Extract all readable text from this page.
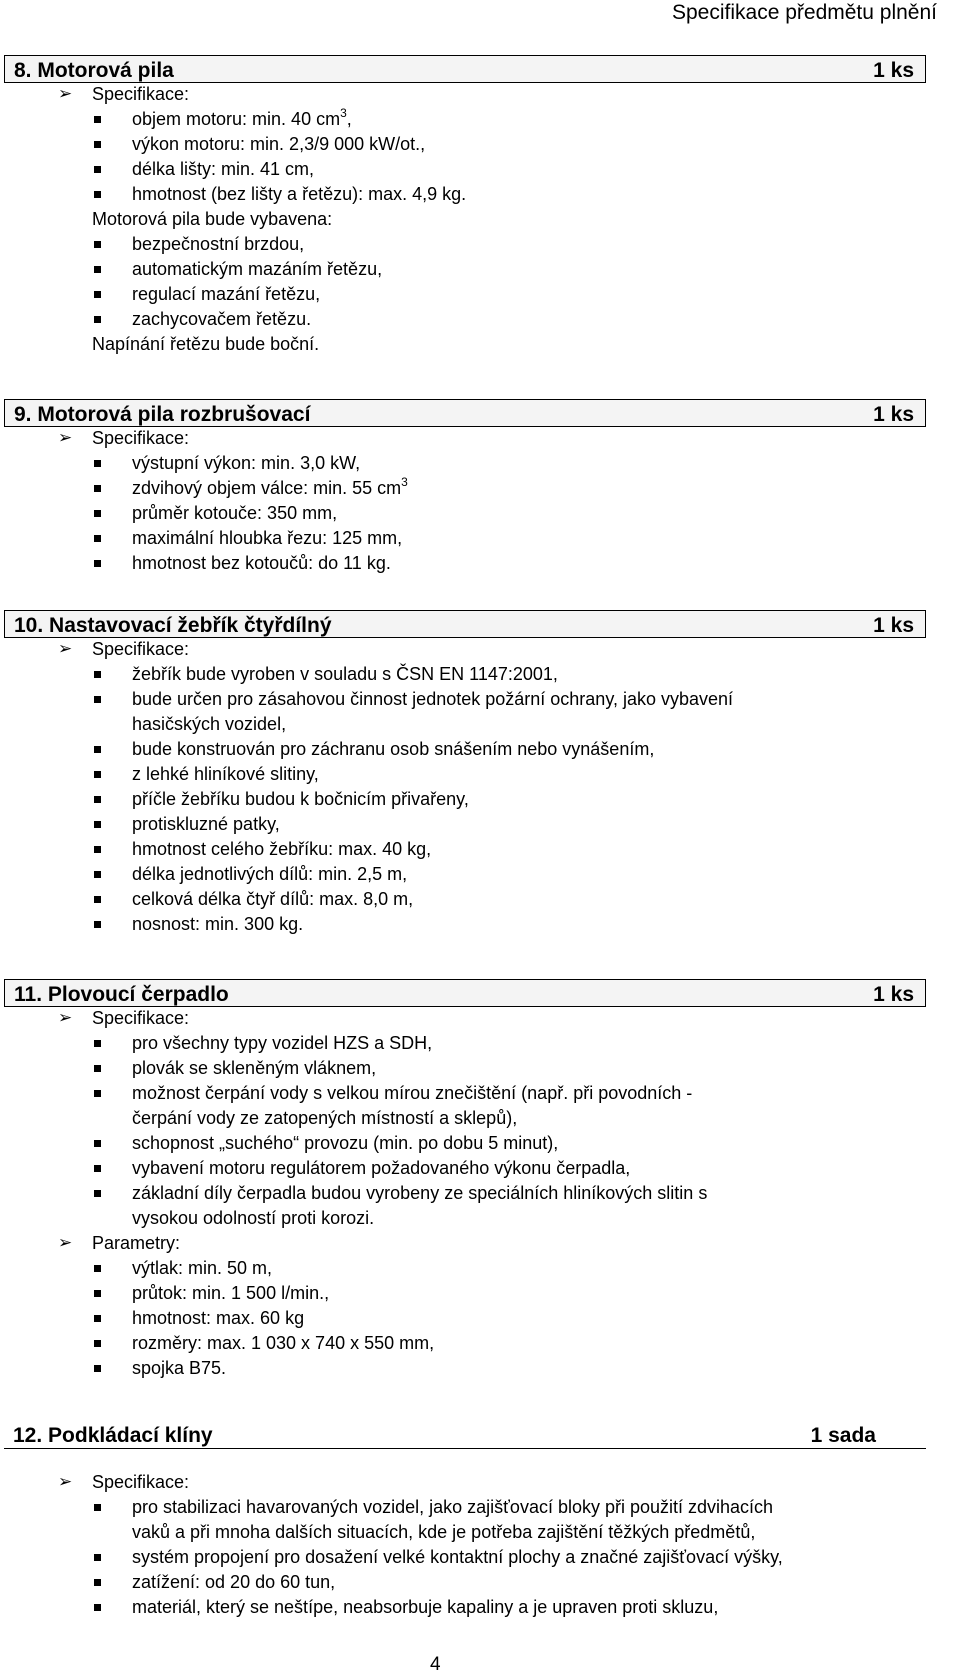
Specifikace předmětu plnění
8. Motorová pila	1 ks
➢ Specifikace:
objem motoru: min. 40 $cm^3$,
výkon motoru: min. 2,3/9 000 kW/ot.,
délka lišty: min. 41 cm,
hmotnost (bez lišty a řetězu): max. 4,9 kg.
Motorová pila bude vybavena:
bezpečnostní brzdou,
automatickým mazáním řetězu,
regulací mazání řetězu,
zachycovačem řetězu.
Napínání řetězu bude boční.
9. Motorová pila rozbrušovací	1 ks
➢ Specifikace:
výstupní výkon: min. 3,0 kW,
zdvihový objem válce: min. 55 $cm^3$
průměr kotouče: 350 mm,
maximální hloubka řezu: 125 mm,
hmotnost bez kotoučů: do 11 kg.
10. Nastavovací žebřík čtyřdílný	1 ks
➢ Specifikace:
žebřík bude vyroben v souladu s ČSN EN 1147:2001,
bude určen pro zásahovou činnost jednotek požární ochrany, jako vybavení
hasičských vozidel,
bude konstruován pro záchranu osob snášením nebo vynášením,
z lehké hliníkové slitiny,
příčle žebříku budou k bočnicím přivařeny,
protiskluzné patky,
hmotnost celého žebříku: max. 40 kg,
délka jednotlivých dílů: min. 2,5 m,
celková délka čtyř dílů: max. 8,0 m,
nosnost: min. 300 kg.
11. Plovoucí čerpadlo	1 ks
➢ Specifikace:
pro všechny typy vozidel HZS a SDH,
plovák se skleněným vláknem,
možnost čerpání vody s velkou mírou znečištění (např. při povodních -
čerpání vody ze zatopených místností a sklepů),
schopnost „suchého“ provozu (min. po dobu 5 minut),
vybavení motoru regulátorem požadovaného výkonu čerpadla,
základní díly čerpadla budou vyrobeny ze speciálních hliníkových slitin s
vysokou odolností proti korozi.
➢ Parametry:
výtlak: min. 50 m,
průtok: min. 1 500 l/min.,
hmotnost: max. 60 kg
rozměry: max. 1 030 x 740 x 550 mm,
spojka B75.
12. Podkládací klíny	1 sada
➢ Specifikace:
pro stabilizaci havarovaných vozidel, jako zajišťovací bloky při použití zdvihacích
vaků a při mnoha dalších situacích, kde je potřeba zajištění těžkých předmětů,
systém propojení pro dosažení velké kontaktní plochy a značné zajišťovací výšky,
zatížení: od 20 do 60 tun,
materiál, který se neštípe, neabsorbuje kapaliny a je upraven proti skluzu,
4
